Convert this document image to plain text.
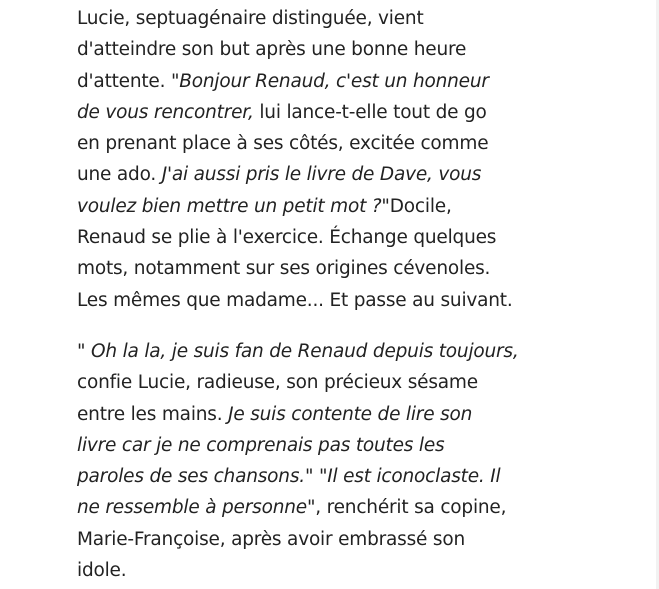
Lucie, septuagénaire distinguée, vient
d'atteindre son but après une bonne heure
d'attente. "Bonjour Renaud, c'est un honneur
de vous rencontrer, lui lance-t-elle tout de go
en prenant place à ses côtés, excitée comme
une ado. J'ai aussi pris le livre de Dave, vous
voulez bien mettre un petit mot ?"Docile,
Renaud se plie à l'exercice. Échange quelques
mots, notamment sur ses origines cévenoles.
Les mêmes que madame... Et passe au suivant.

" Oh la la, je suis fan de Renaud depuis toujours,
confie Lucie, radieuse, son précieux sésame
entre les mains. Je suis contente de lire son
livre car je ne comprenais pas toutes les
paroles de ses chansons." "Il est iconoclaste. Il
ne ressemble à personne", renchérit sa copine,
Marie-Françoise, après avoir embrassé son
idole.
